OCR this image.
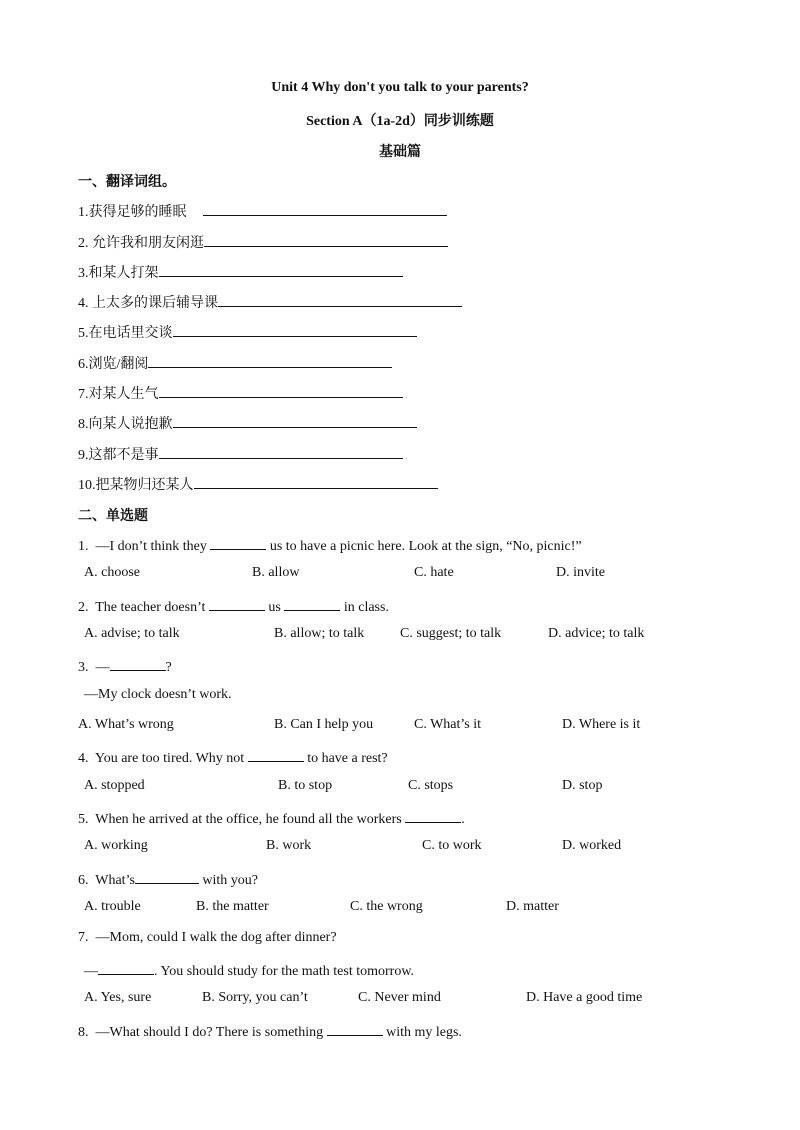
Unit 4 Why don't you talk to your parents?
Section A（1a-2d）同步训练题
基础篇
一、翻译词组。
1.获得足够的睡眠
2. 允许我和朋友闲逛
3.和某人打架
4. 上太多的课后辅导课
5.在电话里交谈
6.浏览/翻阅
7.对某人生气
8.向某人说抱歉
9.这都不是事
10.把某物归还某人
二、单选题
1.  —I don’t think they	us to have a picnic here. Look at the sign, “No, picnic!”
A. choose	B. allow	C. hate	D. invite
2.  The teacher doesn’t	us	in class.
A. advise; to talk	B. allow; to talk	C. suggest; to talk	D. advice; to talk
3.  —	?
—My clock doesn’t work.
A. What’s wrong	B. Can I help you	C. What’s it	D. Where is it
4.  You are too tired. Why not	to have a rest?
A. stopped	B. to stop	C. stops	D. stop
5.  When he arrived at the office, he found all the workers	.
A. working	B. work	C. to work	D. worked
6.  What’s	with you?
A. trouble	B. the matter	C. the wrong	D. matter
7.  —Mom, could I walk the dog after dinner?
—	. You should study for the math test tomorrow.
A. Yes, sure	B. Sorry, you can’t	C. Never mind	D. Have a good time
8.  —What should I do? There is something	with my legs.
